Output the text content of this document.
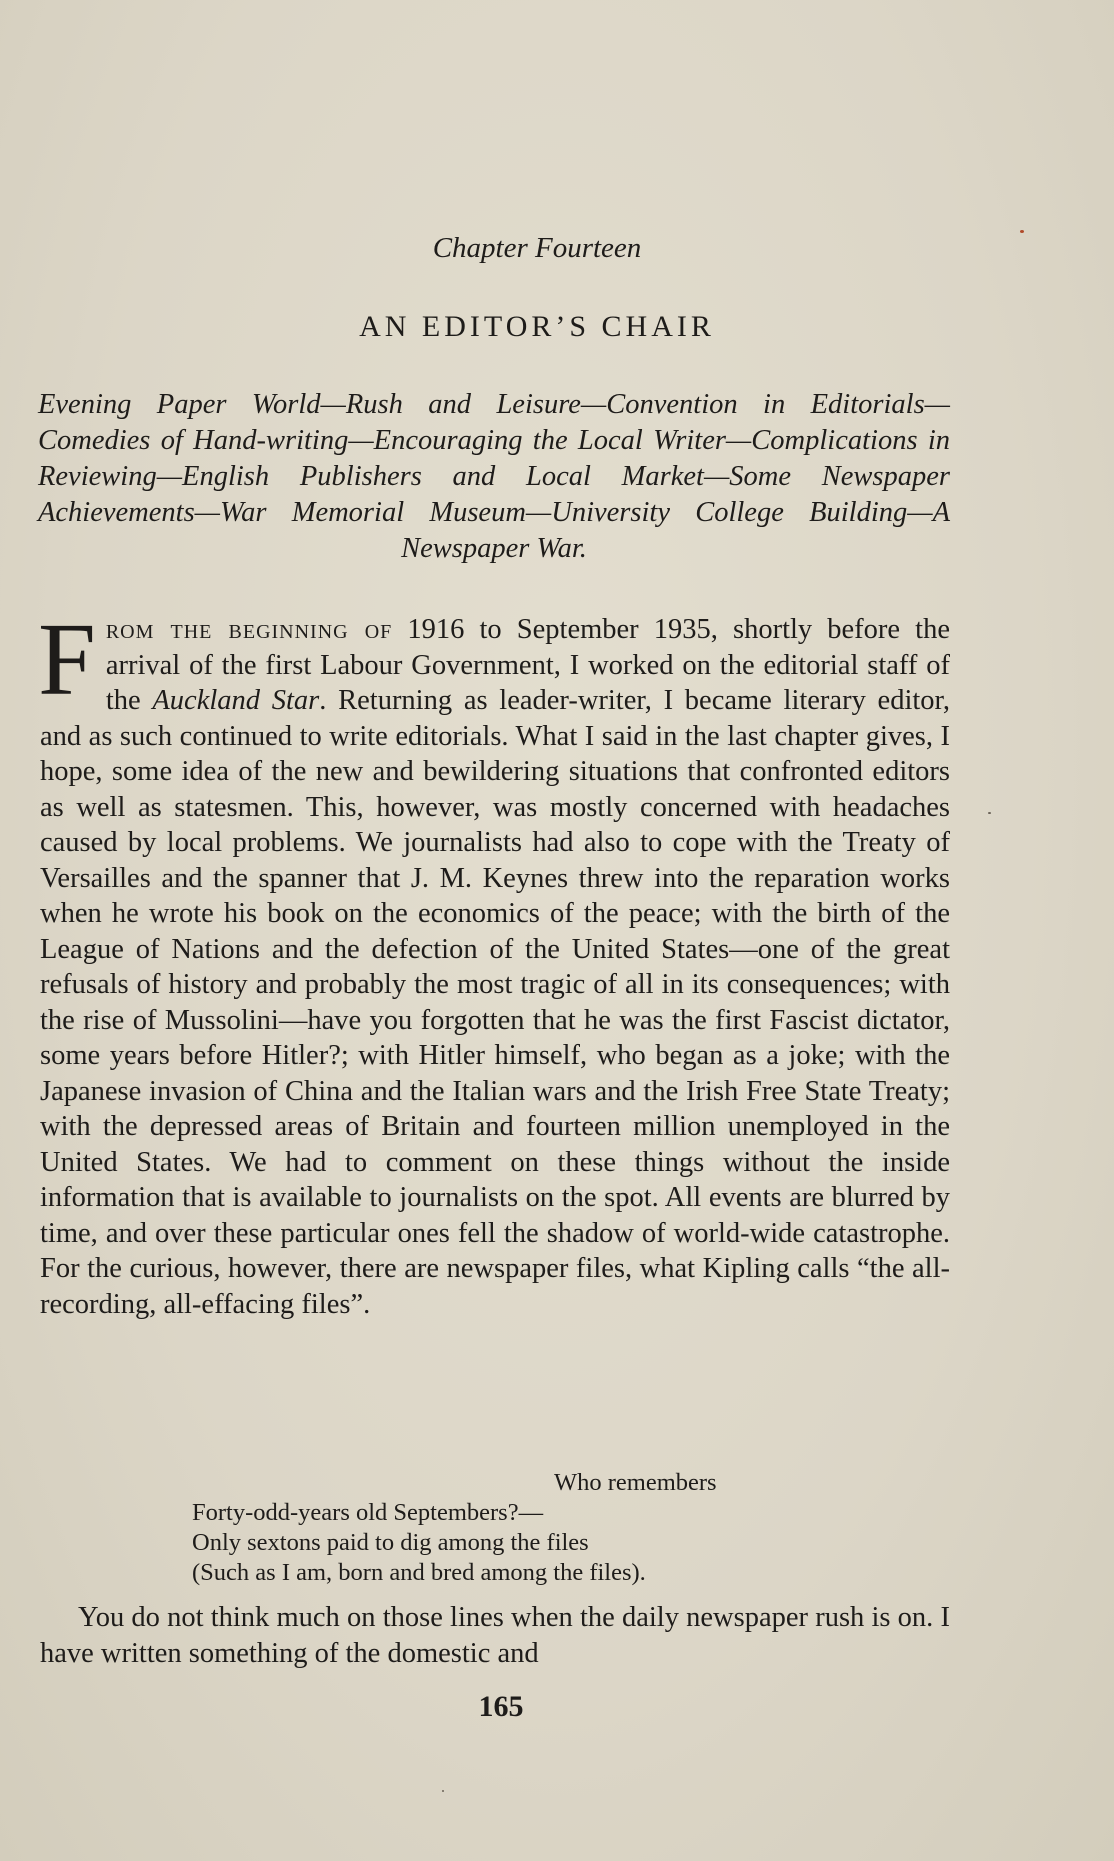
Chapter Fourteen
AN EDITOR’S CHAIR
Evening Paper World—Rush and Leisure—Convention in Editorials—Comedies of Hand-writing—Encouraging the Local Writer—Complications in Reviewing—English Publishers and Local Market—Some Newspaper Achievements—War Memorial Museum—University College Building—A Newspaper War.
From the beginning of 1916 to September 1935, shortly before the arrival of the first Labour Government, I worked on the editorial staff of the Auckland Star. Returning as leader-writer, I became literary editor, and as such continued to write editorials. What I said in the last chapter gives, I hope, some idea of the new and bewildering situations that confronted editors as well as statesmen. This, however, was mostly concerned with headaches caused by local problems. We journalists had also to cope with the Treaty of Versailles and the spanner that J. M. Keynes threw into the reparation works when he wrote his book on the economics of the peace; with the birth of the League of Nations and the defection of the United States—one of the great refusals of history and probably the most tragic of all in its consequences; with the rise of Mussolini—have you forgotten that he was the first Fascist dictator, some years before Hitler?; with Hitler himself, who began as a joke; with the Japanese invasion of China and the Italian wars and the Irish Free State Treaty; with the depressed areas of Britain and fourteen million unemployed in the United States. We had to comment on these things without the inside information that is available to journalists on the spot. All events are blurred by time, and over these particular ones fell the shadow of world-wide catastrophe. For the curious, however, there are newspaper files, what Kipling calls “the all-recording, all-effacing files”.
Who remembers
Forty-odd-years old Septembers?—
Only sextons paid to dig among the files
(Such as I am, born and bred among the files).
You do not think much on those lines when the daily newspaper rush is on. I have written something of the domestic and
165
